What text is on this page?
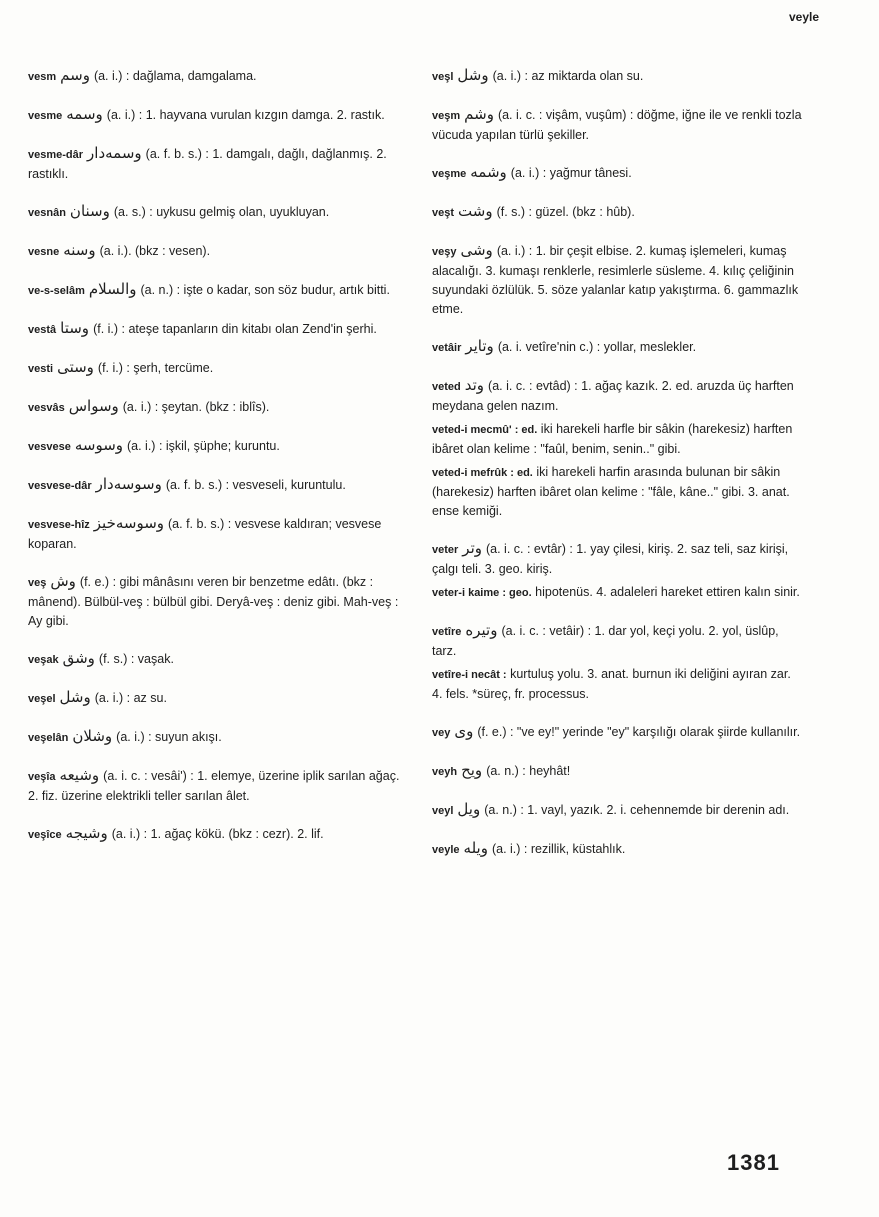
veyle

vesm وسم (a. i.) : dağlama, damgalama.

vesme وسمه (a. i.) : 1. hayvana vurulan kızgın damga. 2. rastık.

vesme-dâr وسمه‌دار (a. f. b. s.) : 1. damgalı, dağlı, dağlanmış. 2. rastıklı.

vesnân وسنان (a. s.) : uykusu gelmiş olan, uyukluyan.

vesne وسنه (a. i.). (bkz : vesen).

ve-s-selâm والسلام (a. n.) : işte o kadar, son söz budur, artık bitti.

vestâ وستا (f. i.) : ateşe tapanların din kitabı olan Zend'in şerhi.

vesti وستى (f. i.) : şerh, tercüme.

vesvâs وسواس (a. i.) : şeytan. (bkz : iblîs).

vesvese وسوسه (a. i.) : işkil, şüphe; kuruntu.

vesvese-dâr وسوسه‌دار (a. f. b. s.) : vesveseli, kuruntulu.

vesvese-hîz وسوسه‌خيز (a. f. b. s.) : vesvese kaldıran; vesvese koparan.

veş وش (f. e.) : gibi mânâsını veren bir benzetme edâtı. (bkz : mânend). Bülbül-veş : bülbül gibi. Deryâ-veş : deniz gibi. Mah-veş : Ay gibi.

veşak وشق (f. s.) : vaşak.

veşel وشل (a. i.) : az su.

veşelân وشلان (a. i.) : suyun akışı.

veşîa وشيعه (a. i. c. : vesâi') : 1. elemye, üzerine iplik sarılan ağaç. 2. fiz. üzerine elektrikli teller sarılan âlet.

veşîce وشيجه (a. i.) : 1. ağaç kökü. (bkz : cezr). 2. lif.

veşl وشل (a. i.) : az miktarda olan su.

veşm وشم (a. i. c. : vişâm, vuşûm) : döğme, iğne ile ve renkli tozla vücuda yapılan türlü şekiller.

veşme وشمه (a. i.) : yağmur tânesi.

veşt وشت (f. s.) : güzel. (bkz : hûb).

veşy وشى (a. i.) : 1. bir çeşit elbise. 2. kumaş işlemeleri, kumaş alacalığı. 3. kumaşı renklerle, resimlerle süsleme. 4. kılıç çeliğinin suyundaki özlülük. 5. söze yalanlar katıp yakıştırma. 6. gammazlık etme.

vetâir وتاير (a. i. vetîre'nin c.) : yollar, meslekler.

veted وتد (a. i. c. : evtâd) : 1. ağaç kazık. 2. ed. aruzda üç harften meydana gelen nazım.

veted-i mecmû' : ed. iki harekeli harfle bir sâkin (harekesiz) harften ibâret olan kelime : "faûl, benim, senin.." gibi.

veted-i mefrûk : ed. iki harekeli harfin arasında bulunan bir sâkin (harekesiz) harften ibâret olan kelime : "fâle, kâne.." gibi. 3. anat. ense kemiği.

veter وتر (a. i. c. : evtâr) : 1. yay çilesi, kiriş. 2. saz teli, saz kirişi, çalgı teli. 3. geo. kiriş.

veter-i kaime : geo. hipotenüs. 4. adaleleri hareket ettiren kalın sinir.

vetîre وتيره (a. i. c. : vetâir) : 1. dar yol, keçi yolu. 2. yol, üslûp, tarz.

vetîre-i necât : kurtuluş yolu. 3. anat. burnun iki deliğini ayıran zar. 4. fels. *süreç, fr. processus.

vey وى (f. e.) : "ve ey!" yerinde "ey" karşılığı olarak şiirde kullanılır.

veyh ويح (a. n.) : heyhât!

veyl ويل (a. n.) : 1. vayl, yazık. 2. i. cehennemde bir derenin adı.

veyle ويله (a. i.) : rezillik, küstahlık.

1381
